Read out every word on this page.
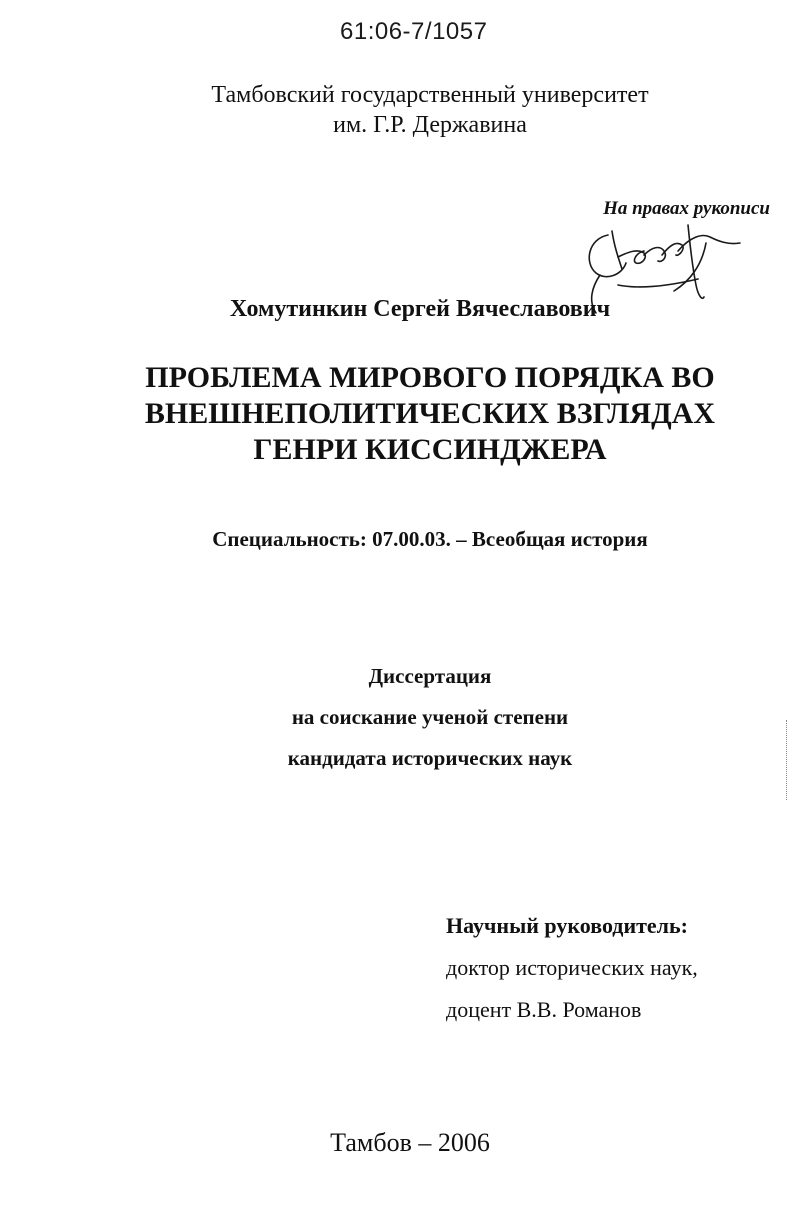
61:06-7/1057
Тамбовский государственный университет
им. Г.Р. Державина
На правах рукописи
Хомутинкин Сергей Вячеславович
ПРОБЛЕМА МИРОВОГО ПОРЯДКА ВО
ВНЕШНЕПОЛИТИЧЕСКИХ ВЗГЛЯДАХ
ГЕНРИ КИССИНДЖЕРА
Специальность: 07.00.03. – Всеобщая история
Диссертация
на соискание ученой степени
кандидата исторических наук
Научный руководитель:
доктор исторических наук,
доцент В.В. Романов
Тамбов – 2006
